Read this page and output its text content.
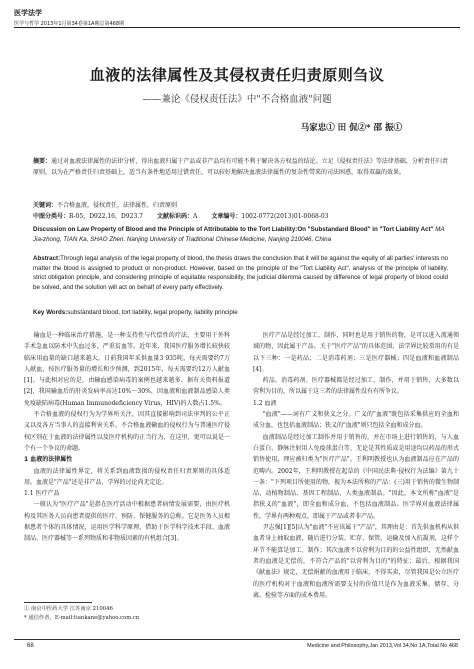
医学法学
医学与哲学 2013年1月第34卷第1A期总第468期
血液的法律属性及其侵权责任归责原则刍议
——兼论《侵权责任法》中"不合格血液"问题
马家忠① 田 侃②* 邵 振①
摘要：通过对血液法律属性的法律分析，得出血液归属于产品或非产品均有可能不利于解决各方权益的结论。立足《侵权责任法》等法律基础，分析责任归责原则，以为在严格责任归责基础上，适当有条件地适用过错责任，可以较好地解决血液法律属性的复杂性带来的司法困惑，取得双赢的效果。
关键词：不合格血液，侵权责任，法律属性，归责原则
中图分类号：R-05，D922.16，D923.7 文献标识码：A 文章编号：1002-0772(2013)01-0068-03
Discussion on Law Property of Blood and the Principle of Attributable to the Tort Liability:On "Substandard Blood" in "Tort Liability Act" MA Jia-zhong, TIAN Ka, SHAO Zhen. Nanjing University of Traditional Chinese Medicine, Nanjing 210046, China
Abstract:Through legal analysis of the legal property of blood, the thesis draws the conclusion that it will be against the equity of all parties' interests no matter the blood is assigned to product or non-product. However, based on the principle of the "Tort Liability Act", analysis of the principle of liability, strict obligation principle, and considering principle of equitable responsibility, the judicial dilemma caused by difference of legal property of blood could be solved, and the solution will act on behalf of every party effectively.
Key Words:substandard blood, tort liability, legal property, liability principle

输血是一种临床治疗措施，是一种支持性与代偿性的疗法，主要用于外科手术急血以防术中失血过多，严重贫血等。近年来，我国医疗服务增长较快较临床用血量的缺口越来越大，日前我国年采供血量3 935吨，每天需要约7万人献血，按医疗服务量的增长和少预测，到2015年，每天需要约12万人献血[1]。与此相对应的是，由输血感染病毒的案例也越来越多。据有关资料报道[2]，我国输血后的肝炎发病率高达10%～30%，因血液和血液制品感染人类免疫缺陷病毒(Human Immunodeficiency Virus，HIV)的人数占1.5%。

不合格血液的侵权行为为学界所关注，因其直接影响到司法审判的公平正义以及各方当事人的直接利害关系。不合格血液输血的侵权行为与普通医疗侵权区别在于血液的法律属性以及医疗机构的正当行为，在这里，更可以说是一个有一个争议的命题。

1 血液的法律属性

血液的法律属性界定，将关系到血液致损的侵权责任归责原则的具体适用。血液是"产品"还是非产品，学界的讨论尚无定论。

1.1 医疗产品

一般认为"医疗产品"是指在医疗活动中根据患者病情发展需要，由医疗机构及其医务人员向患者提供的医疗、预防、保健服务的总称。它是医务人员根据患者个体的具体情况，运用医学科学原理，借助于医学科学技术手段、血液制品、医疗器械等一系列物质和非物质因素的有机组合[3]。

医疗产品是经过加工、制作，同时也是用于销售的物，是可以进入流通领域的物，因此属于产品。关于"医疗产品"的具体范围，法学界比较常用的有是以下三种：一是药品；二是消毒药剂；三是医疗器械；四是血液和血液制品[4]。

药品、消毒药剂、医疗器械都是经过加工、制作，并用于销售，大多数以营利为目的，所以属于这三者的法律属性没有有所争议。

1.2 血液

"血液"——词有广义和狭义之分。广义的"血液"既包括采集供应的全血和成分血，也包括血液制品；狭义的"血液"则只包括全血和成分血。

血液制品是经过加工制作并用于销售的，并在市场上进行销售的，与人血白蛋白、静脉注射用人免疫球蛋白等，无论是其性质或是用途均以药品的形式销售使用，理应被归类为"医疗产品"。王利明教授也认为血液制品应在产品的范畴内。2002年，王利明教授在起草的《中国民法典·侵权行为法编》第九十一条："下列项目所使用的物，视为本法所称的产品：(三)用于销售的微生物制品、动植物制品、基因工程制品、人类血液制品。"因此，本文所称"血液"是指狭义的"血液"，即全血和成分血，不包括血液制品。医学界对血液法律属性，学界有两种观点，即属于产品或者非产品。

尹志强[1][5]认为"血液"不应该属于"产品"，其理由是：首先供血机构从供血者身上抽取血液，随后进行分装、贮存、保管、运输及加入抗凝剂，这样个环节不能算是加工、制作；其次血液不以营利为目的的公益性组织，无然献血者的血液是无偿的，不符合产品的"以营利为目的"的特征；最后，根据我国《献血法》规定，无偿捐献的血液用于临床，不得买卖，尽管我国是公立医疗的医疗机构对于血液和血液所需要支付的价值只是作为血液采集、储存、分离、检验等方面的成本费用。

① 南京中医药大学 江苏南京 210046
* 通信作者，E-mail:tiankane@yahoo.com.cn
68	Medicine and Philosophy,Jan 2013,Vol 34,No 1A,Total No 468
